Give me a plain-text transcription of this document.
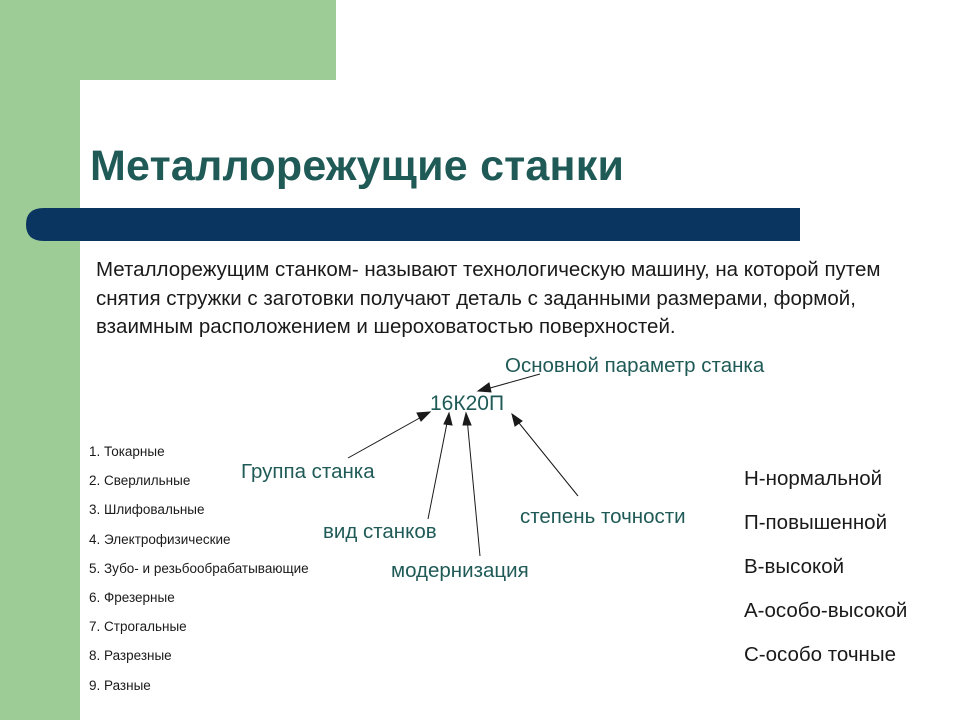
Металлорежущие станки
Металлорежущим станком- называют технологическую машину, на которой путем снятия стружки с заготовки получают деталь с заданными размерами, формой, взаимным расположением и шероховатостью поверхностей.
Основной параметр станка
16К20П
Группа станка
вид станков
модернизация
степень точности
1. Токарные
2. Сверлильные
3. Шлифовальные
4. Электрофизические
5. Зубо- и резьбообрабатывающие
6. Фрезерные
7. Строгальные
8. Разрезные
9. Разные
Н-нормальной
П-повышенной
В-высокой
А-особо-высокой
С-особо точные
